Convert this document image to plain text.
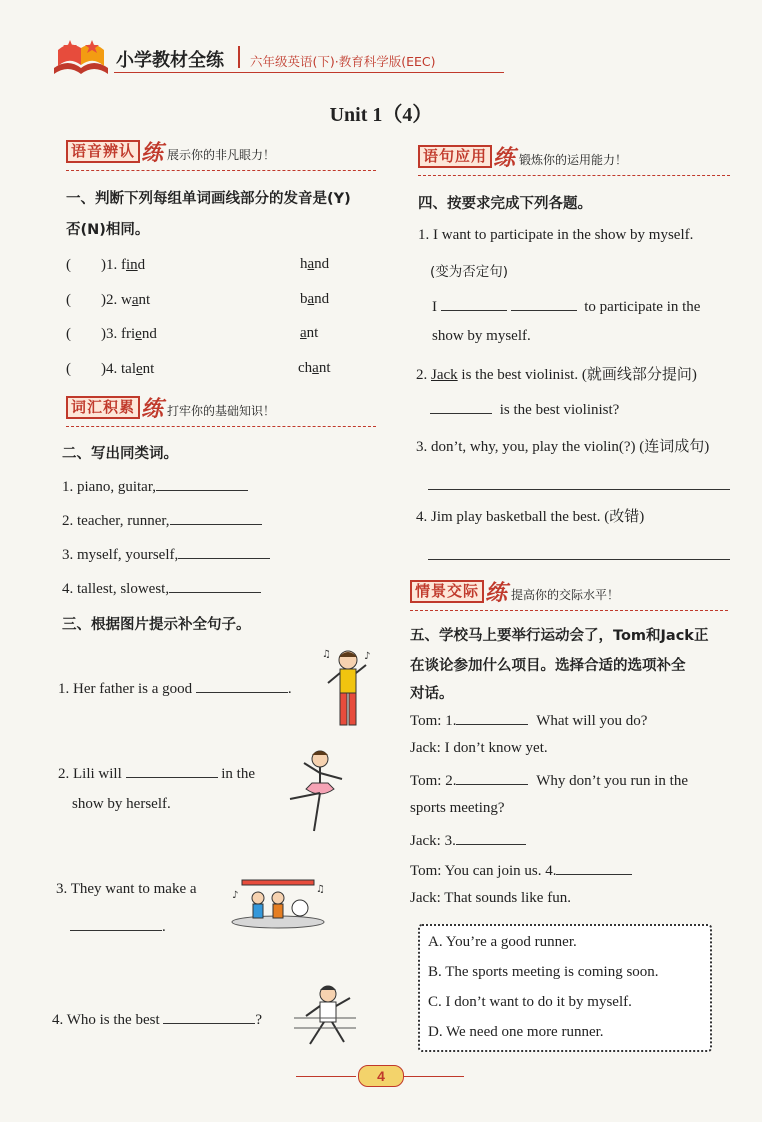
小学教材全练 六年级英语(下)·教育科学版(EEC)
Unit 1（4）
语音辨认 练 展示你的非凡眼力！
一、判断下列每组单词画线部分的发音是(Y)
否(N)相同。
(　　)1. find	hand
(　　)2. want	band
(　　)3. friend	ant
(　　)4. talent	chant
词汇积累 练 打牢你的基础知识！
二、写出同类词。
1. piano, guitar,
2. teacher, runner,
3. myself, yourself,
4. tallest, slowest,
三、根据图片提示补全句子。
1. Her father is a good	.
♪
♫
2. Lili will	in the
show by herself.
3. They want to make a
.
♪
♫
4. Who is the best	?
语句应用 练 锻炼你的运用能力！
四、按要求完成下列各题。
1. I want to participate in the show by myself.
(变为否定句)
I	to participate in the
show by myself.
2. Jack is the best violinist. (就画线部分提问)
is the best violinist?
3. don’t, why, you, play the violin(?) (连词成句)
4. Jim play basketball the best. (改错)
情景交际 练 提高你的交际水平！
五、学校马上要举行运动会了，Tom和Jack正
在谈论参加什么项目。选择合适的选项补全
对话。
Tom: 1.	What will you do?
Jack: I don’t know yet.
Tom: 2.	Why don’t you run in the
sports meeting?
Jack: 3.
Tom: You can join us. 4.
Jack: That sounds like fun.
A. You’re a good runner.
B. The sports meeting is coming soon.
C. I don’t want to do it by myself.
D. We need one more runner.
4
